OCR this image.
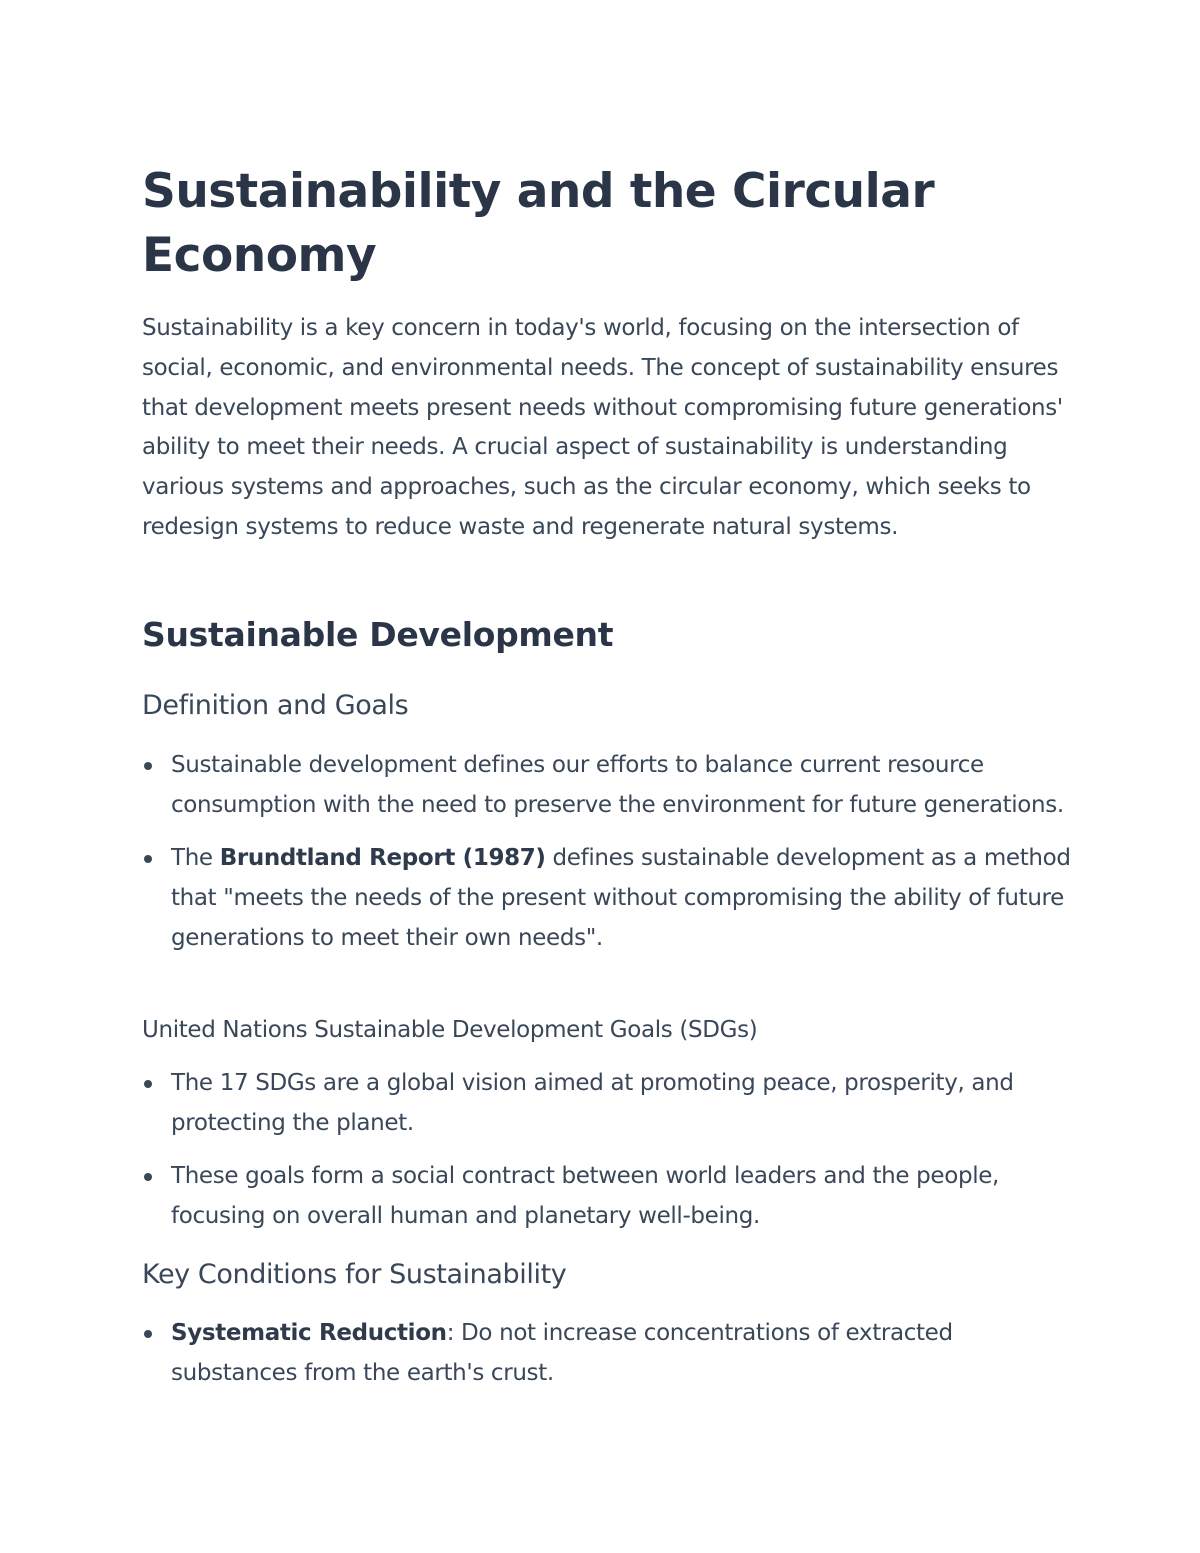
Sustainability and the Circular Economy

Sustainability is a key concern in today's world, focusing on the intersection of social, economic, and environmental needs. The concept of sustainability ensures that development meets present needs without compromising future generations' ability to meet their needs. A crucial aspect of sustainability is understanding various systems and approaches, such as the circular economy, which seeks to redesign systems to reduce waste and regenerate natural systems.

Sustainable Development
Definition and Goals
Sustainable development defines our efforts to balance current resource consumption with the need to preserve the environment for future generations.
The Brundtland Report (1987) defines sustainable development as a method that "meets the needs of the present without compromising the ability of future generations to meet their own needs".
United Nations Sustainable Development Goals (SDGs)
The 17 SDGs are a global vision aimed at promoting peace, prosperity, and protecting the planet.
These goals form a social contract between world leaders and the people, focusing on overall human and planetary well-being.
Key Conditions for Sustainability
Systematic Reduction: Do not increase concentrations of extracted substances from the earth's crust.
